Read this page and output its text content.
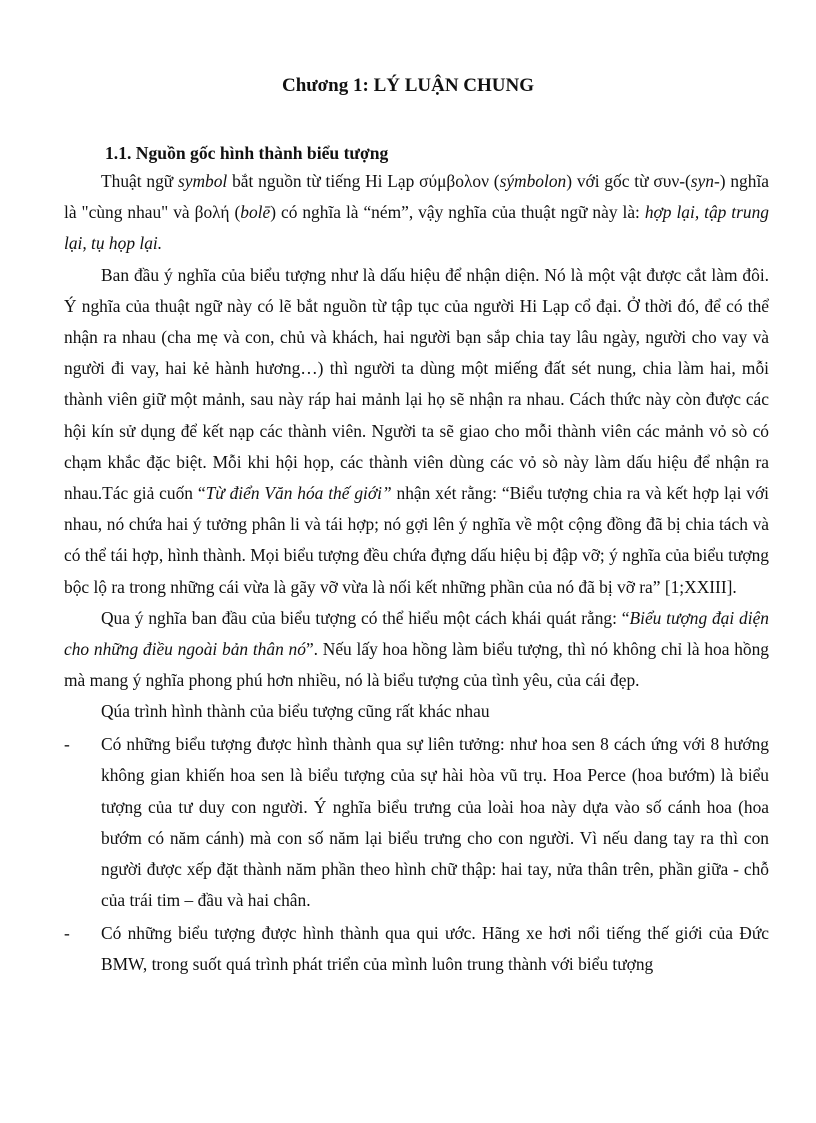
Chương 1: LÝ LUẬN CHUNG
1.1. Nguồn gốc hình thành biểu tượng

Thuật ngữ symbol bắt nguồn từ tiếng Hi Lạp σύμβολον (sýmbolon) với gốc từ συν-(syn-) nghĩa là "cùng nhau" và βολή (bolē) có nghĩa là “ném”, vậy nghĩa của thuật ngữ này là: hợp lại, tập trung lại, tụ họp lại.

Ban đầu ý nghĩa của biểu tượng như là dấu hiệu để nhận diện. Nó là một vật được cắt làm đôi. Ý nghĩa của thuật ngữ này có lẽ bắt nguồn từ tập tục của người Hi Lạp cổ đại. Ở thời đó, để có thể nhận ra nhau (cha mẹ và con, chủ và khách, hai người bạn sắp chia tay lâu ngày, người cho vay và người đi vay, hai kẻ hành hương…) thì người ta dùng một miếng đất sét nung, chia làm hai, mỗi thành viên giữ một mảnh, sau này ráp hai mảnh lại họ sẽ nhận ra nhau. Cách thức này còn được các hội kín sử dụng để kết nạp các thành viên. Người ta sẽ giao cho mỗi thành viên các mảnh vỏ sò có chạm khắc đặc biệt. Mỗi khi hội họp, các thành viên dùng các vỏ sò này làm dấu hiệu để nhận ra nhau.Tác giả cuốn “Từ điển Văn hóa thế giới” nhận xét rằng: “Biểu tượng chia ra và kết hợp lại với nhau, nó chứa hai ý tưởng phân li và tái hợp; nó gợi lên ý nghĩa về một cộng đồng đã bị chia tách và có thể tái hợp, hình thành. Mọi biểu tượng đều chứa đựng dấu hiệu bị đập vỡ; ý nghĩa của biểu tượng bộc lộ ra trong những cái vừa là gãy vỡ vừa là nối kết những phần của nó đã bị vỡ ra” [1;XXIII].

Qua ý nghĩa ban đầu của biểu tượng có thể hiểu một cách khái quát rằng: “Biểu tượng đại diện cho những điều ngoài bản thân nó”. Nếu lấy hoa hồng làm biểu tượng, thì nó không chỉ là hoa hồng mà mang ý nghĩa phong phú hơn nhiều, nó là biểu tượng của tình yêu, của cái đẹp.

Qúa trình hình thành của biểu tượng cũng rất khác nhau

- Có những biểu tượng được hình thành qua sự liên tưởng: như hoa sen 8 cách ứng với 8 hướng không gian khiến hoa sen là biểu tượng của sự hài hòa vũ trụ. Hoa Perce (hoa bướm) là biểu tượng của tư duy con người. Ý nghĩa biểu trưng của loài hoa này dựa vào số cánh hoa (hoa bướm có năm cánh) mà con số năm lại biểu trưng cho con người. Vì nếu dang tay ra thì con người được xếp đặt thành năm phần theo hình chữ thập: hai tay, nửa thân trên, phần giữa - chỗ của trái tim – đầu và hai chân.

- Có những biểu tượng được hình thành qua qui ước. Hãng xe hơi nổi tiếng thế giới của Đức BMW, trong suốt quá trình phát triển của mình luôn trung thành với biểu tượng
